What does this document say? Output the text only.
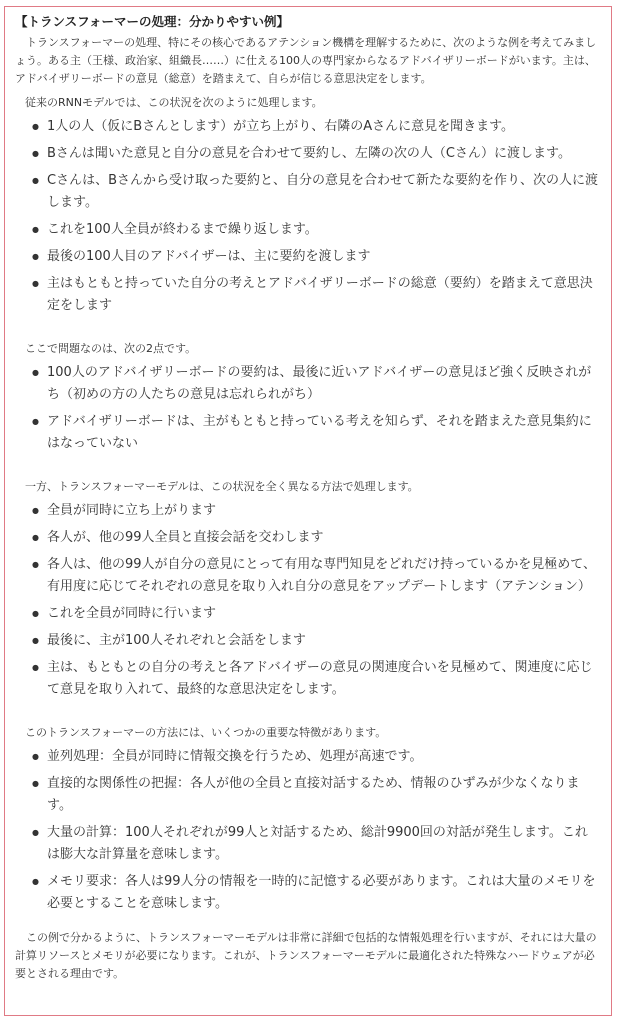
【トランスフォーマーの処理：分かりやすい例】

トランスフォーマーの処理、特にその核心であるアテンション機構を理解するために、次のような例を考えてみましょう。ある主（王様、政治家、組織長……）に仕える100人の専門家からなるアドバイザリーボードがいます。主は、アドバイザリーボードの意見（総意）を踏まえて、自らが信じる意思決定をします。

従来のRNNモデルでは、この状況を次のように処理します。
● 1人の人（仮にBさんとします）が立ち上がり、右隣のAさんに意見を聞きます。
● Bさんは聞いた意見と自分の意見を合わせて要約し、左隣の次の人（Cさん）に渡します。
● Cさんは、Bさんから受け取った要約と、自分の意見を合わせて新たな要約を作り、次の人に渡します。
● これを100人全員が終わるまで繰り返します。
● 最後の100人目のアドバイザーは、主に要約を渡します
● 主はもともと持っていた自分の考えとアドバイザリーボードの総意（要約）を踏まえて意思決定をします
ここで問題なのは、次の2点です。
● 100人のアドバイザリーボードの要約は、最後に近いアドバイザーの意見ほど強く反映されがち（初めの方の人たちの意見は忘れられがち）
● アドバイザリーボードは、主がもともと持っている考えを知らず、それを踏まえた意見集約にはなっていない
一方、トランスフォーマーモデルは、この状況を全く異なる方法で処理します。
● 全員が同時に立ち上がります
● 各人が、他の99人全員と直接会話を交わします
● 各人は、他の99人が自分の意見にとって有用な専門知見をどれだけ持っているかを見極めて、有用度に応じてそれぞれの意見を取り入れ自分の意見をアップデートします（アテンション）
● これを全員が同時に行います
● 最後に、主が100人それぞれと会話をします
● 主は、もともとの自分の考えと各アドバイザーの意見の関連度合いを見極めて、関連度に応じて意見を取り入れて、最終的な意思決定をします。
このトランスフォーマーの方法には、いくつかの重要な特徴があります。
● 並列処理：全員が同時に情報交換を行うため、処理が高速です。
● 直接的な関係性の把握：各人が他の全員と直接対話するため、情報のひずみが少なくなります。
● 大量の計算：100人それぞれが99人と対話するため、総計9900回の対話が発生します。これは膨大な計算量を意味します。
● メモリ要求：各人は99人分の情報を一時的に記憶する必要があります。これは大量のメモリを必要とすることを意味します。

この例で分かるように、トランスフォーマーモデルは非常に詳細で包括的な情報処理を行いますが、それには大量の計算リソースとメモリが必要になります。これが、トランスフォーマーモデルに最適化された特殊なハードウェアが必要とされる理由です。
